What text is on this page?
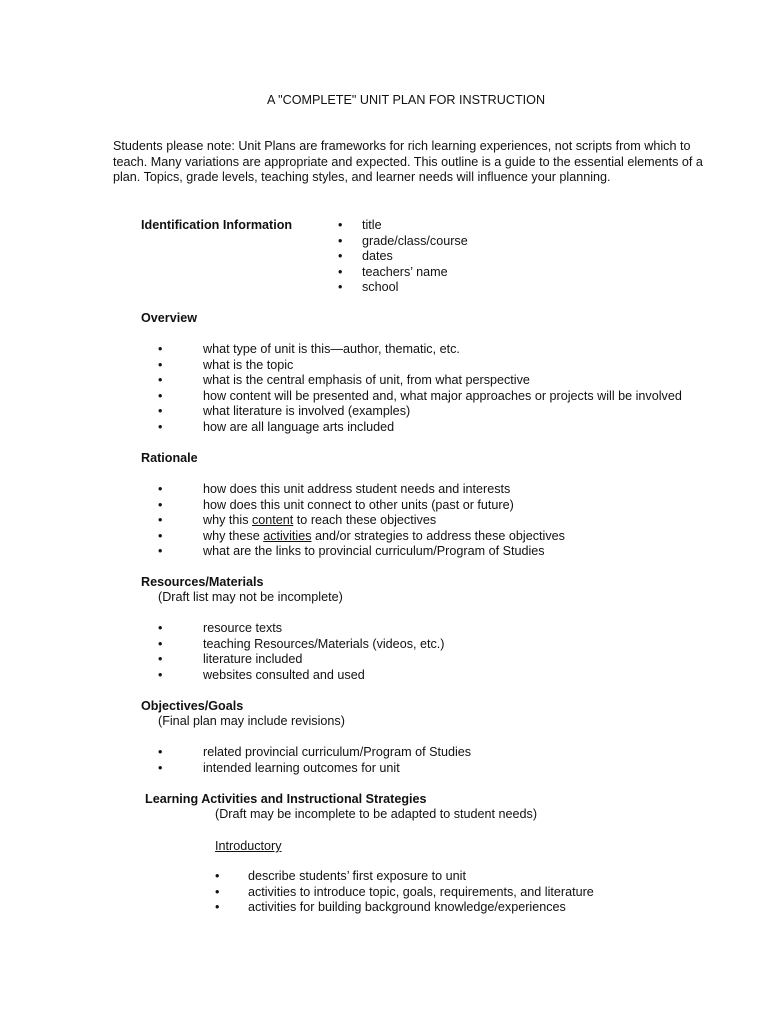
A "COMPLETE" UNIT PLAN FOR INSTRUCTION
Students please note: Unit Plans are frameworks for rich learning experiences, not scripts from which to teach. Many variations are appropriate and expected. This outline is a guide to the essential elements of a plan. Topics, grade levels, teaching styles, and learner needs will influence your planning.
Identification Information	• title
• grade/class/course
• dates
• teachers’ name
• school
Overview
•	what type of unit is this—author, thematic, etc.
•	what is the topic
•	what is the central emphasis of unit, from what perspective
•	how content will be presented and, what major approaches or projects will be involved
•	what literature is involved (examples)
•	how are all language arts included
Rationale
•	how does this unit address student needs and interests
•	how does this unit connect to other units (past or future)
•	why this content to reach these objectives
•	why these activities and/or strategies to address these objectives
•	what are the links to provincial curriculum/Program of Studies
Resources/Materials
(Draft list may not be incomplete)
•	resource texts
•	teaching Resources/Materials (videos, etc.)
•	literature included
•	websites consulted and used
Objectives/Goals
(Final plan may include revisions)
•	related provincial curriculum/Program of Studies
•	intended learning outcomes for unit
Learning Activities and Instructional Strategies
(Draft may be incomplete to be adapted to student needs)
Introductory
• describe students’ first exposure to unit
• activities to introduce topic, goals, requirements, and literature
• activities for building background knowledge/experiences
